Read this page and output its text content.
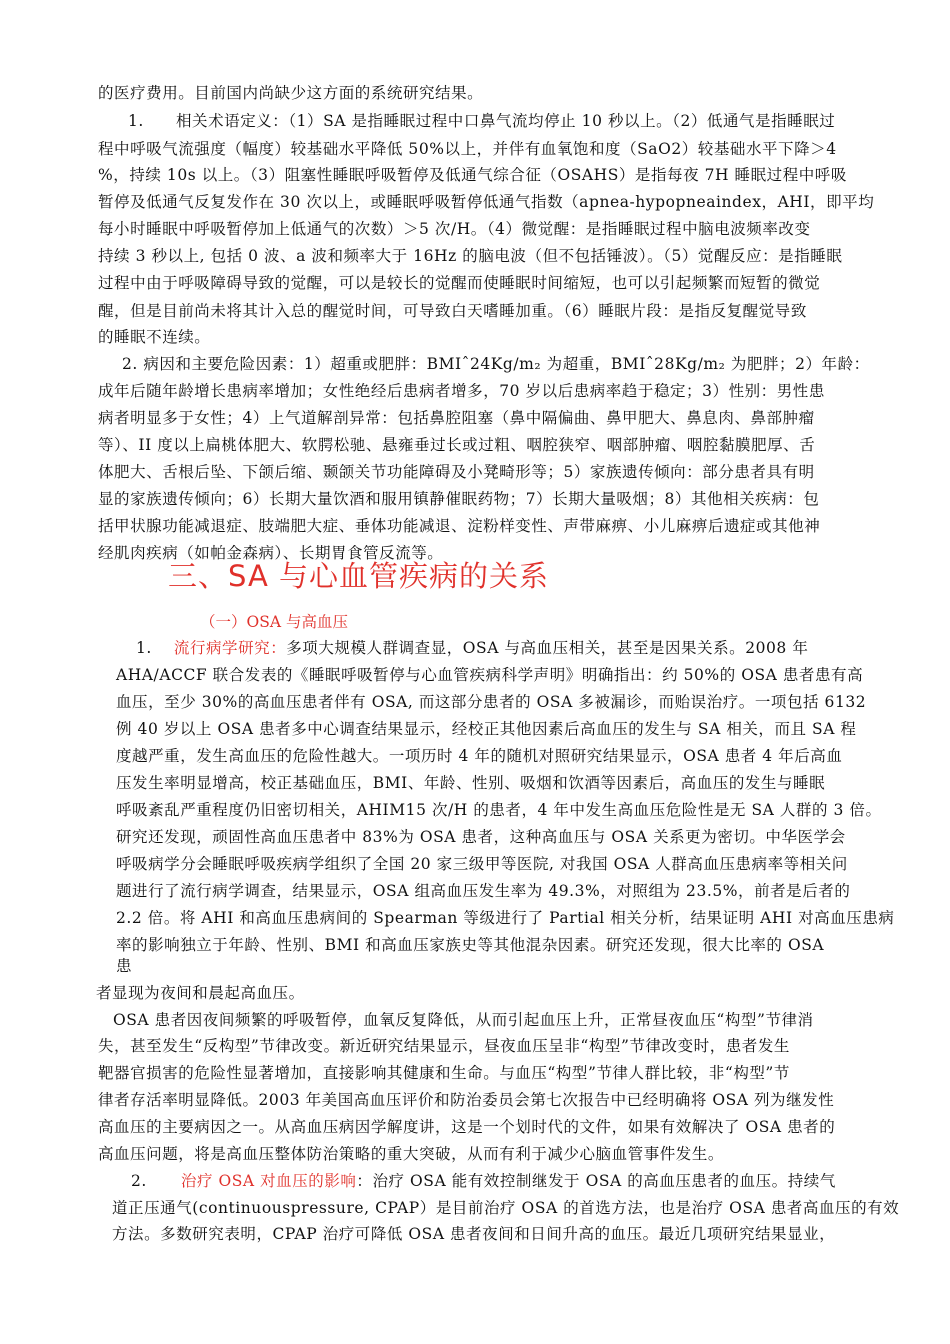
的医疗费用。目前国内尚缺少这方面的系统研究结果。
1.　　相关术语定义：（1）SA 是指睡眠过程中口鼻气流均停止 10 秒以上。（2）低通气是指睡眠过
程中呼吸气流强度（幅度）较基础水平降低 50%以上，并伴有血氧饱和度（SaO2）较基础水平下降＞4
%，持续 10s 以上。（3）阻塞性睡眠呼吸暂停及低通气综合征（OSAHS）是指每夜 7H 睡眠过程中呼吸
暂停及低通气反复发作在 30 次以上，或睡眠呼吸暂停低通气指数（apnea-hypopneaindex，AHI，即平均
每小时睡眠中呼吸暂停加上低通气的次数）＞5 次/H。（4）微觉醒：是指睡眠过程中脑电波频率改变
持续 3 秒以上, 包括 0 波、a 波和频率大于 16Hz 的脑电波（但不包括锤波）。（5）觉醒反应：是指睡眠
过程中由于呼吸障碍导致的觉醒，可以是较长的觉醒而使睡眠时间缩短，也可以引起频繁而短暂的微觉
醒，但是目前尚未将其计入总的醒觉时间，可导致白天嗜睡加重。（6）睡眠片段：是指反复醒觉导致
的睡眠不连续。
2. 病因和主要危险因素：1）超重或肥胖：BMIˆ24Kg/m₂ 为超重，BMIˆ28Kg/m₂ 为肥胖；2）年龄：
成年后随年龄增长患病率增加；女性绝经后患病者增多，70 岁以后患病率趋于稳定；3）性别：男性患
病者明显多于女性；4）上气道解剖异常：包括鼻腔阻塞（鼻中隔偏曲、鼻甲肥大、鼻息肉、鼻部肿瘤
等）、II 度以上扁桃体肥大、软腭松驰、悬雍垂过长或过粗、咽腔狭窄、咽部肿瘤、咽腔黏膜肥厚、舌
体肥大、舌根后坠、下颌后缩、颞颌关节功能障碍及小凳畸形等；5）家族遗传倾向：部分患者具有明
显的家族遗传倾向；6）长期大量饮酒和服用镇静催眠药物；7）长期大量吸烟；8）其他相关疾病：包
括甲状腺功能减退症、肢端肥大症、垂体功能减退、淀粉样变性、声带麻痹、小儿麻痹后遗症或其他神
经肌肉疾病（如帕金森病）、长期胃食管反流等。
三、SA 与心血管疾病的关系
（一）OSA 与高血压
1. 流行病学研究：多项大规模人群调查显，OSA 与高血压相关，甚至是因果关系。2008 年
AHA/ACCF 联合发表的《睡眠呼吸暂停与心血管疾病科学声明》明确指出：约 50%的 OSA 患者患有高
血压，至少 30%的高血压患者伴有 OSA, 而这部分患者的 OSA 多被漏诊，而贻误治疗。一项包括 6132
例 40 岁以上 OSA 患者多中心调查结果显示，经校正其他因素后高血压的发生与 SA 相关，而且 SA 程
度越严重，发生高血压的危险性越大。一项历时 4 年的随机对照研究结果显示，OSA 患者 4 年后高血
压发生率明显增高，校正基础血压，BMI、年龄、性别、吸烟和饮酒等因素后，高血压的发生与睡眠
呼吸紊乱严重程度仍旧密切相关，AHIM15 次/H 的患者，4 年中发生高血压危险性是无 SA 人群的 3 倍。
研究还发现，顽固性高血压患者中 83%为 OSA 患者，这种高血压与 OSA 关系更为密切。中华医学会
呼吸病学分会睡眠呼吸疾病学组织了全国 20 家三级甲等医院, 对我国 OSA 人群高血压患病率等相关问
题进行了流行病学调查，结果显示，OSA 组高血压发生率为 49.3%，对照组为 23.5%，前者是后者的
2.2 倍。将 AHI 和高血压患病间的 Spearman 等级进行了 Partial 相关分析，结果证明 AHI 对高血压患病
率的影响独立于年龄、性别、BMI 和高血压家族史等其他混杂因素。研究还发现，很大比率的 OSA
患
者显现为夜间和晨起高血压。
OSA 患者因夜间频繁的呼吸暂停，血氧反复降低，从而引起血压上升，正常昼夜血压“构型”节律消
失，甚至发生“反构型”节律改变。新近研究结果显示，昼夜血压呈非“构型”节律改变时，患者发生
靶器官损害的危险性显著增加，直接影响其健康和生命。与血压“构型”节律人群比较，非“构型”节
律者存活率明显降低。2003 年美国高血压评价和防治委员会第七次报告中已经明确将 OSA 列为继发性
高血压的主要病因之一。从高血压病因学解度讲，这是一个划时代的文件，如果有效解决了 OSA 患者的
高血压问题，将是高血压整体防治策略的重大突破，从而有利于减少心脑血管事件发生。
2. 治疗 OSA 对血压的影响：治疗 OSA 能有效控制继发于 OSA 的高血压患者的血压。持续气
道正压通气(continuouspressure, CPAP）是目前治疗 OSA 的首选方法，也是治疗 OSA 患者高血压的有效
方法。多数研究表明，CPAP 治疗可降低 OSA 患者夜间和日间升高的血压。最近几项研究结果显业，
